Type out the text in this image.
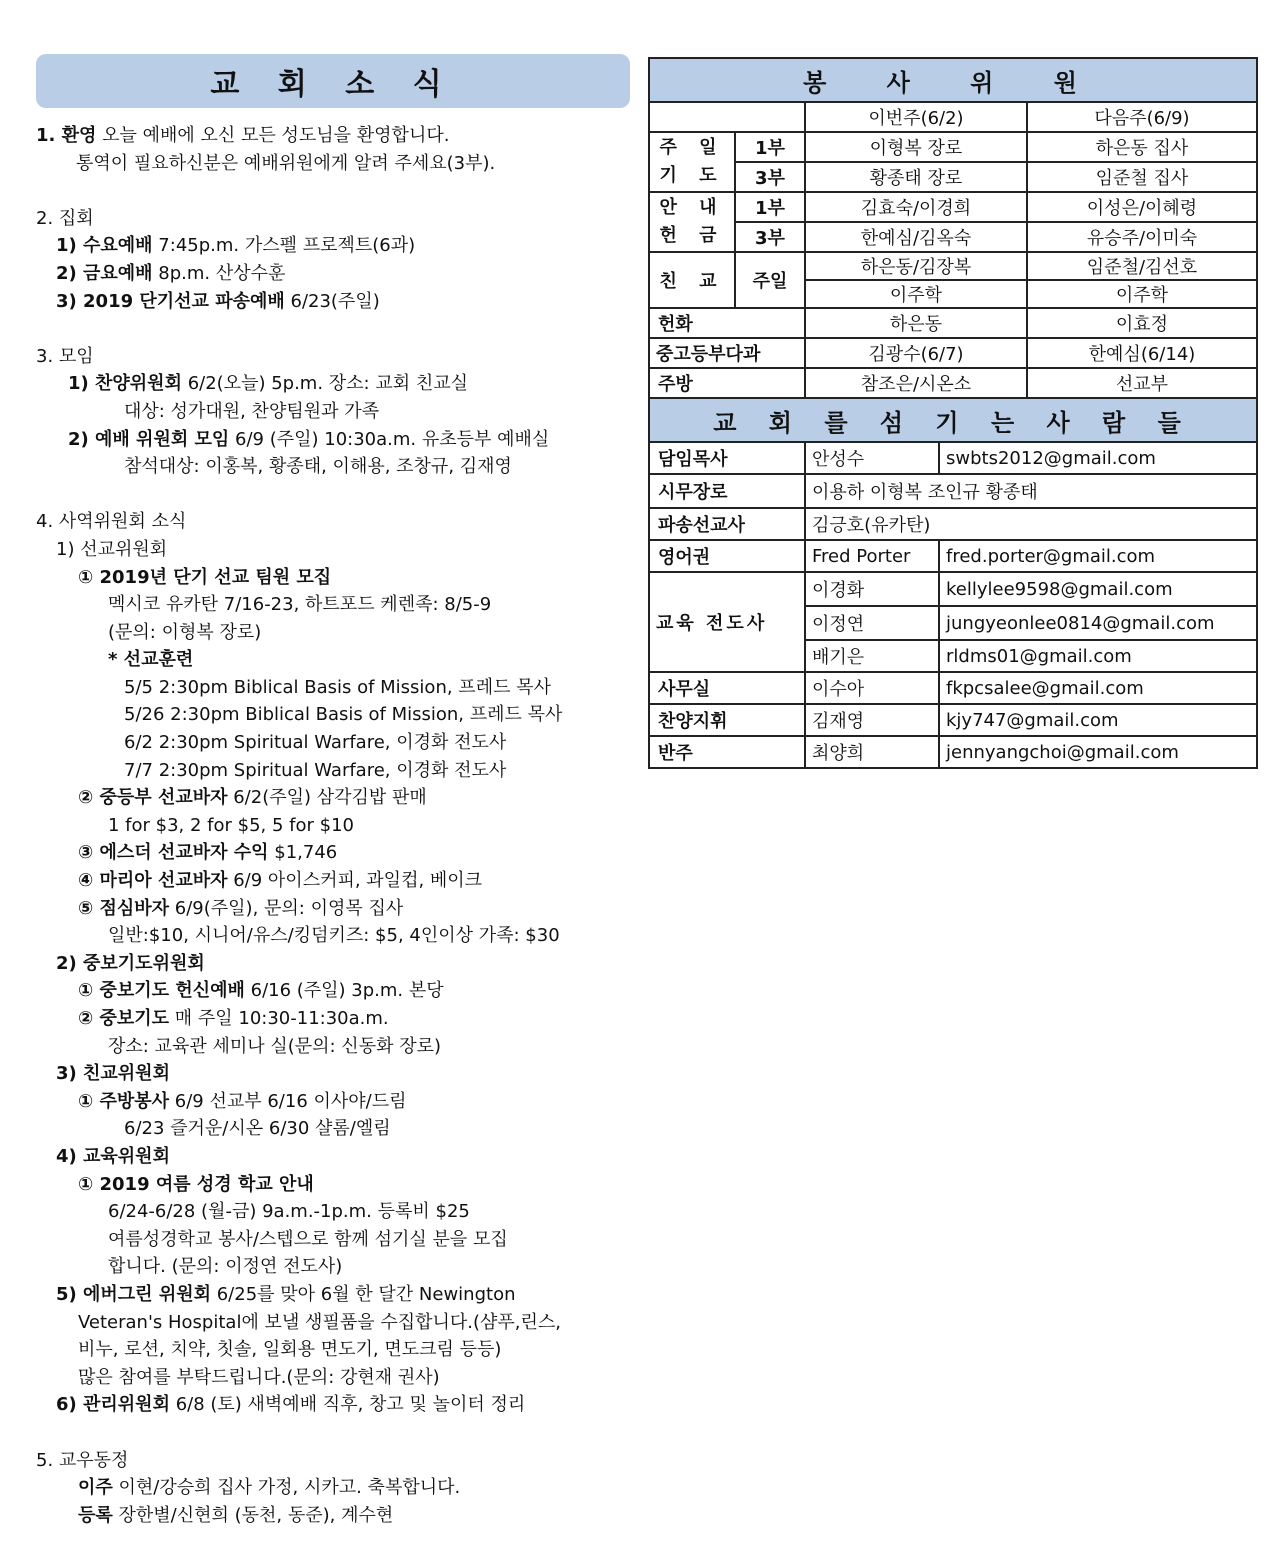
교 회 소 식
1. 환영 오늘 예배에 오신 모든 성도님을 환영합니다.
통역이 필요하신분은 예배위원에게 알려 주세요(3부).
2. 집회
1) 수요예배 7:45p.m. 가스펠 프로젝트(6과)
2) 금요예배 8p.m. 산상수훈
3) 2019 단기선교 파송예배 6/23(주일)
3. 모임
1) 찬양위원회 6/2(오늘) 5p.m. 장소: 교회 친교실
대상: 성가대원, 찬양팀원과 가족
2) 예배 위원회 모임 6/9 (주일) 10:30a.m. 유초등부 예배실
참석대상: 이홍복, 황종태, 이해용, 조창규, 김재영
4. 사역위원회 소식
1) 선교위원회
① 2019년 단기 선교 팀원 모집
멕시코 유카탄 7/16-23, 하트포드 케렌족: 8/5-9
(문의: 이형복 장로)
* 선교훈련
5/5 2:30pm Biblical Basis of Mission, 프레드 목사
5/26 2:30pm Biblical Basis of Mission, 프레드 목사
6/2 2:30pm Spiritual Warfare, 이경화 전도사
7/7 2:30pm Spiritual Warfare, 이경화 전도사
② 중등부 선교바자 6/2(주일) 삼각김밥 판매
1 for $3, 2 for $5, 5 for $10
③ 에스더 선교바자 수익 $1,746
④ 마리아 선교바자 6/9 아이스커피, 과일컵, 베이크
⑤ 점심바자 6/9(주일), 문의: 이영목 집사
일반:$10, 시니어/유스/킹덤키즈: $5, 4인이상 가족: $30
2) 중보기도위원회
① 중보기도 헌신예배 6/16 (주일) 3p.m. 본당
② 중보기도 매 주일 10:30-11:30a.m.
장소: 교육관 세미나 실(문의: 신동화 장로)
3) 친교위원회
① 주방봉사 6/9 선교부 6/16 이사야/드림
6/23 즐거운/시온 6/30 샬롬/엘림
4) 교육위원회
① 2019 여름 성경 학교 안내
6/24-6/28 (월-금) 9a.m.-1p.m. 등록비 $25
여름성경학교 봉사/스텝으로 함께 섬기실 분을 모집
합니다. (문의: 이정연 전도사)
5) 에버그린 위원회 6/25를 맞아 6월 한 달간 Newington
Veteran's Hospital에 보낼 생필품을 수집합니다.(샴푸,린스,
비누, 로션, 치약, 칫솔, 일회용 면도기, 면도크림 등등)
많은 참여를 부탁드립니다.(문의: 강현재 권사)
6) 관리위원회 6/8 (토) 새벽예배 직후, 창고 및 놀이터 정리
5. 교우동정
이주 이현/강승희 집사 가정, 시카고. 축복합니다.
등록 장한별/신현희 (동천, 동준), 계수현
봉 사 위 원			
		이번주(6/2)	다음주(6/9)
주 일
기 도	1부	이형복 장로	하은동 집사
	3부	황종태 장로	임준철 집사
안 내
헌 금	1부	김효숙/이경희	이성은/이혜령
	3부	한예심/김옥숙	유승주/이미숙
친 교	주일	하은동/김장복	임준철/김선호
		이주학	이주학
헌화		하은동	이효정
중고등부다과		김광수(6/7)	한예심(6/14)
주방		참조은/시온소	선교부
교 회 를 섬 기 는 사 람 들		
담임목사	안성수	swbts2012@gmail.com
시무장로	이용하 이형복 조인규 황종태	
파송선교사	김긍호(유카탄)	
영어권	Fred Porter	fred.porter@gmail.com
교육 전도사	이경화	kellylee9598@gmail.com
	이정연	jungyeonlee0814@gmail.com
	배기은	rldms01@gmail.com
사무실	이수아	fkpcsalee@gmail.com
찬양지휘	김재영	kjy747@gmail.com
반주	최양희	jennyangchoi@gmail.com
